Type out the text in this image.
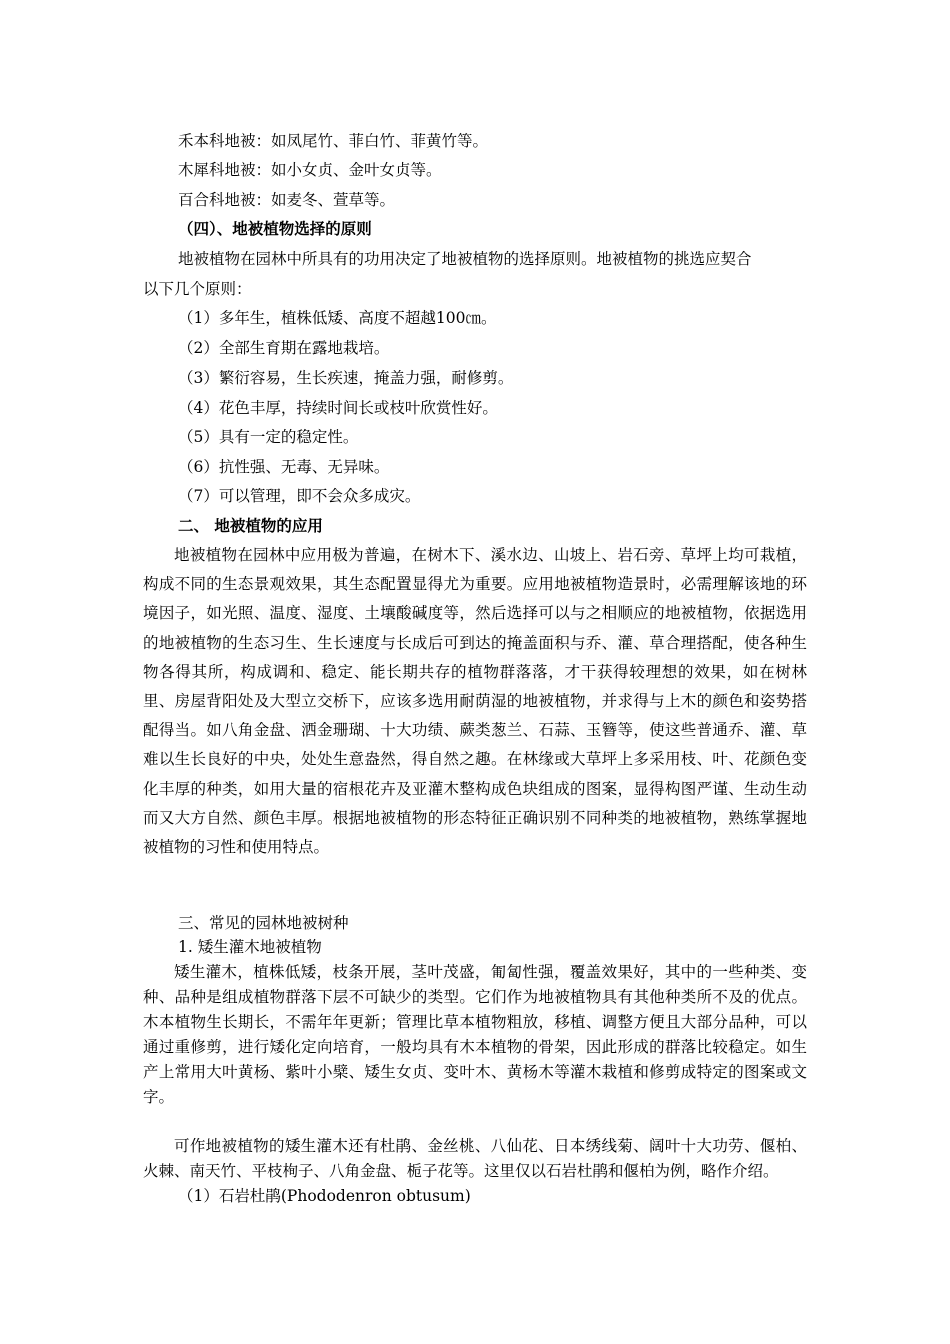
禾本科地被：如凤尾竹、菲白竹、菲黄竹等。
木犀科地被：如小女贞、金叶女贞等。
百合科地被：如麦冬、萱草等。
（四）、地被植物选择的原则
地被植物在园林中所具有的功用决定了地被植物的选择原则。地被植物的挑选应契合
以下几个原则：
（1）多年生，植株低矮、高度不超越100㎝。
（2）全部生育期在露地栽培。
（3）繁衍容易，生长疾速，掩盖力强，耐修剪。
（4）花色丰厚，持续时间长或枝叶欣赏性好。
（5）具有一定的稳定性。
（6）抗性强、无毒、无异味。
（7）可以管理，即不会众多成灾。
二、 地被植物的应用
地被植物在园林中应用极为普遍，在树木下、溪水边、山坡上、岩石旁、草坪上均可栽植，构成不同的生态景观效果，其生态配置显得尤为重要。应用地被植物造景时，必需理解该地的环境因子，如光照、温度、湿度、土壤酸碱度等，然后选择可以与之相顺应的地被植物，依据选用的地被植物的生态习生、生长速度与长成后可到达的掩盖面积与乔、灌、草合理搭配，使各种生物各得其所，构成调和、稳定、能长期共存的植物群落落，才干获得较理想的效果，如在树林里、房屋背阳处及大型立交桥下，应该多选用耐荫湿的地被植物，并求得与上木的颜色和姿势搭配得当。如八角金盘、洒金珊瑚、十大功绩、蕨类葱兰、石蒜、玉簪等，使这些普通乔、灌、草难以生长良好的中央，处处生意盎然，得自然之趣。在林缘或大草坪上多采用枝、叶、花颜色变化丰厚的种类，如用大量的宿根花卉及亚灌木整构成色块组成的图案，显得构图严谨、生动生动而又大方自然、颜色丰厚。根据地被植物的形态特征正确识别不同种类的地被植物，熟练掌握地被植物的习性和使用特点。
三、常见的园林地被树种
1. 矮生灌木地被植物
矮生灌木，植株低矮，枝条开展，茎叶茂盛，匍匐性强，覆盖效果好，其中的一些种类、变种、品种是组成植物群落下层不可缺少的类型。它们作为地被植物具有其他种类所不及的优点。木本植物生长期长，不需年年更新；管理比草本植物粗放，移植、调整方便且大部分品种，可以通过重修剪，进行矮化定向培育，一般均具有木本植物的骨架，因此形成的群落比较稳定。如生产上常用大叶黄杨、紫叶小檗、矮生女贞、变叶木、黄杨木等灌木栽植和修剪成特定的图案或文字。
可作地被植物的矮生灌木还有杜鹃、金丝桃、八仙花、日本绣线菊、阔叶十大功劳、偃柏、火棘、南天竹、平枝栒子、八角金盘、栀子花等。这里仅以石岩杜鹃和偃柏为例，略作介绍。
（1）石岩杜鹃(Phododenron obtusum)
